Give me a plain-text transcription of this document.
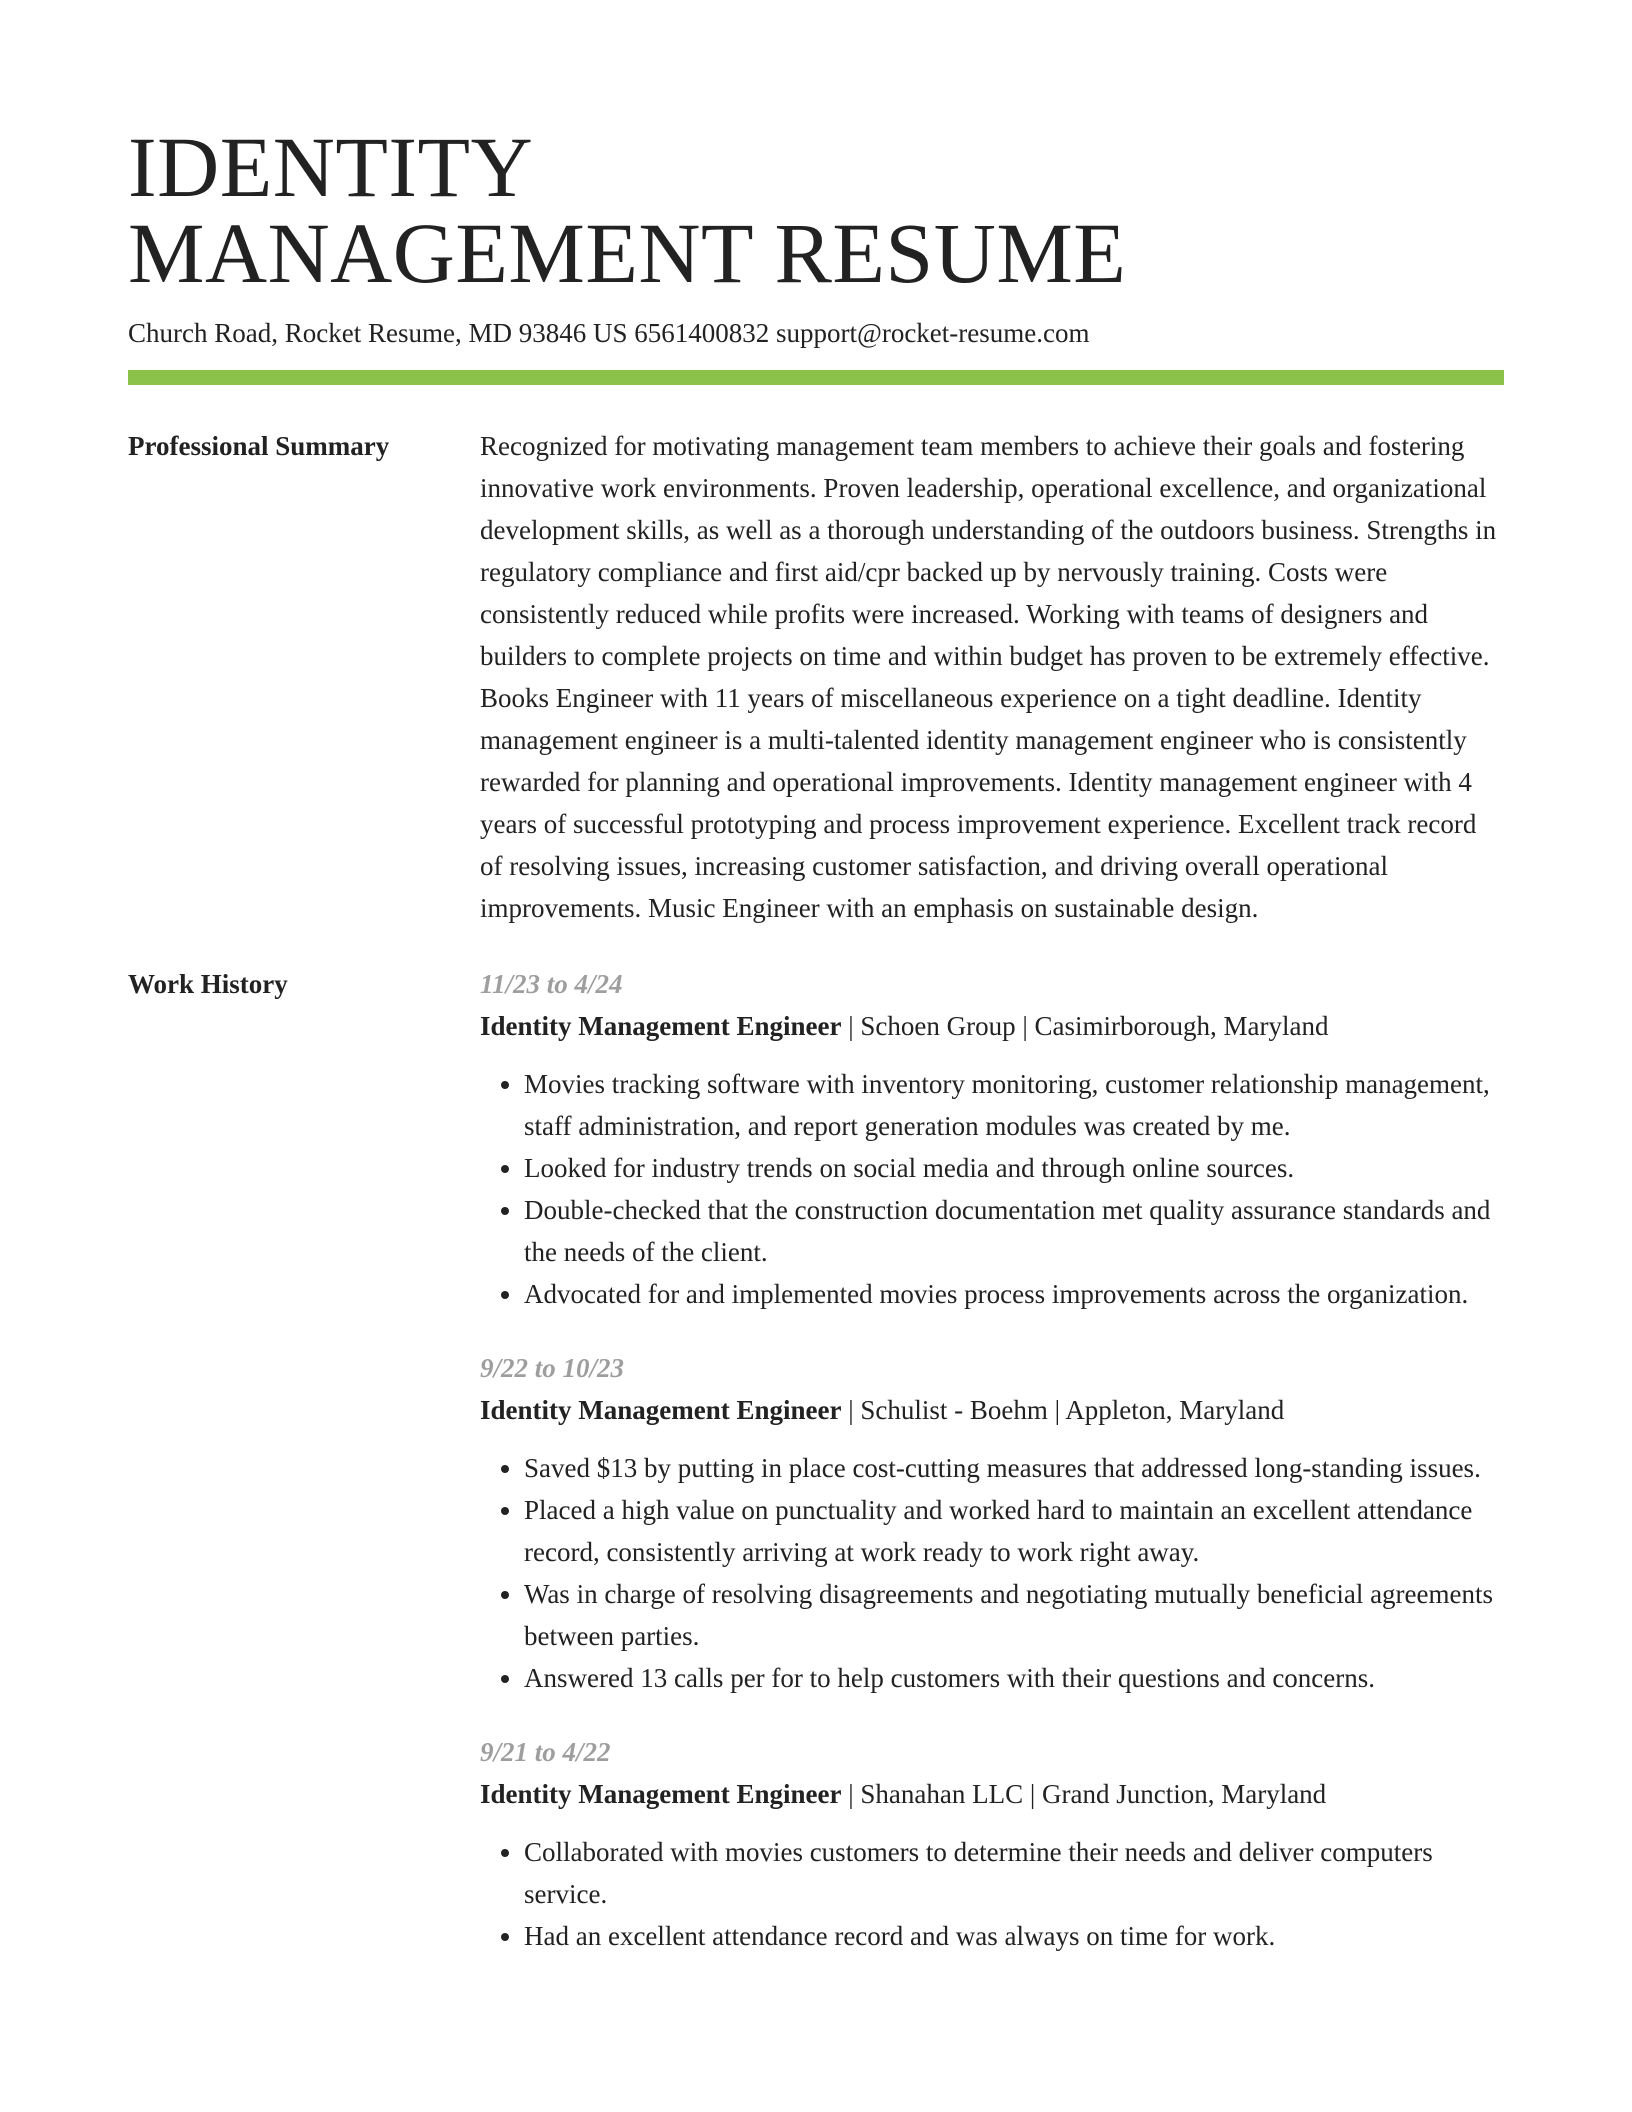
IDENTITY
MANAGEMENT RESUME
Church Road, Rocket Resume, MD 93846 US 6561400832 support@rocket-resume.com
Professional Summary	Recognized for motivating management team members to achieve their goals and fostering innovative work environments. Proven leadership, operational excellence, and organizational development skills, as well as a thorough understanding of the outdoors business. Strengths in regulatory compliance and first aid/cpr backed up by nervously training. Costs were consistently reduced while profits were increased. Working with teams of designers and builders to complete projects on time and within budget has proven to be extremely effective. Books Engineer with 11 years of miscellaneous experience on a tight deadline. Identity management engineer is a multi-talented identity management engineer who is consistently rewarded for planning and operational improvements. Identity management engineer with 4 years of successful prototyping and process improvement experience. Excellent track record of resolving issues, increasing customer satisfaction, and driving overall operational improvements. Music Engineer with an emphasis on sustainable design.

Work History	11/23 to 4/24
Identity Management Engineer | Schoen Group | Casimirborough, Maryland
• Movies tracking software with inventory monitoring, customer relationship management, staff administration, and report generation modules was created by me.
• Looked for industry trends on social media and through online sources.
• Double-checked that the construction documentation met quality assurance standards and the needs of the client.
• Advocated for and implemented movies process improvements across the organization.
9/22 to 10/23
Identity Management Engineer | Schulist - Boehm | Appleton, Maryland
• Saved $13 by putting in place cost-cutting measures that addressed long-standing issues.
• Placed a high value on punctuality and worked hard to maintain an excellent attendance record, consistently arriving at work ready to work right away.
• Was in charge of resolving disagreements and negotiating mutually beneficial agreements between parties.
• Answered 13 calls per for to help customers with their questions and concerns.
9/21 to 4/22
Identity Management Engineer | Shanahan LLC | Grand Junction, Maryland
• Collaborated with movies customers to determine their needs and deliver computers service.
• Had an excellent attendance record and was always on time for work.
